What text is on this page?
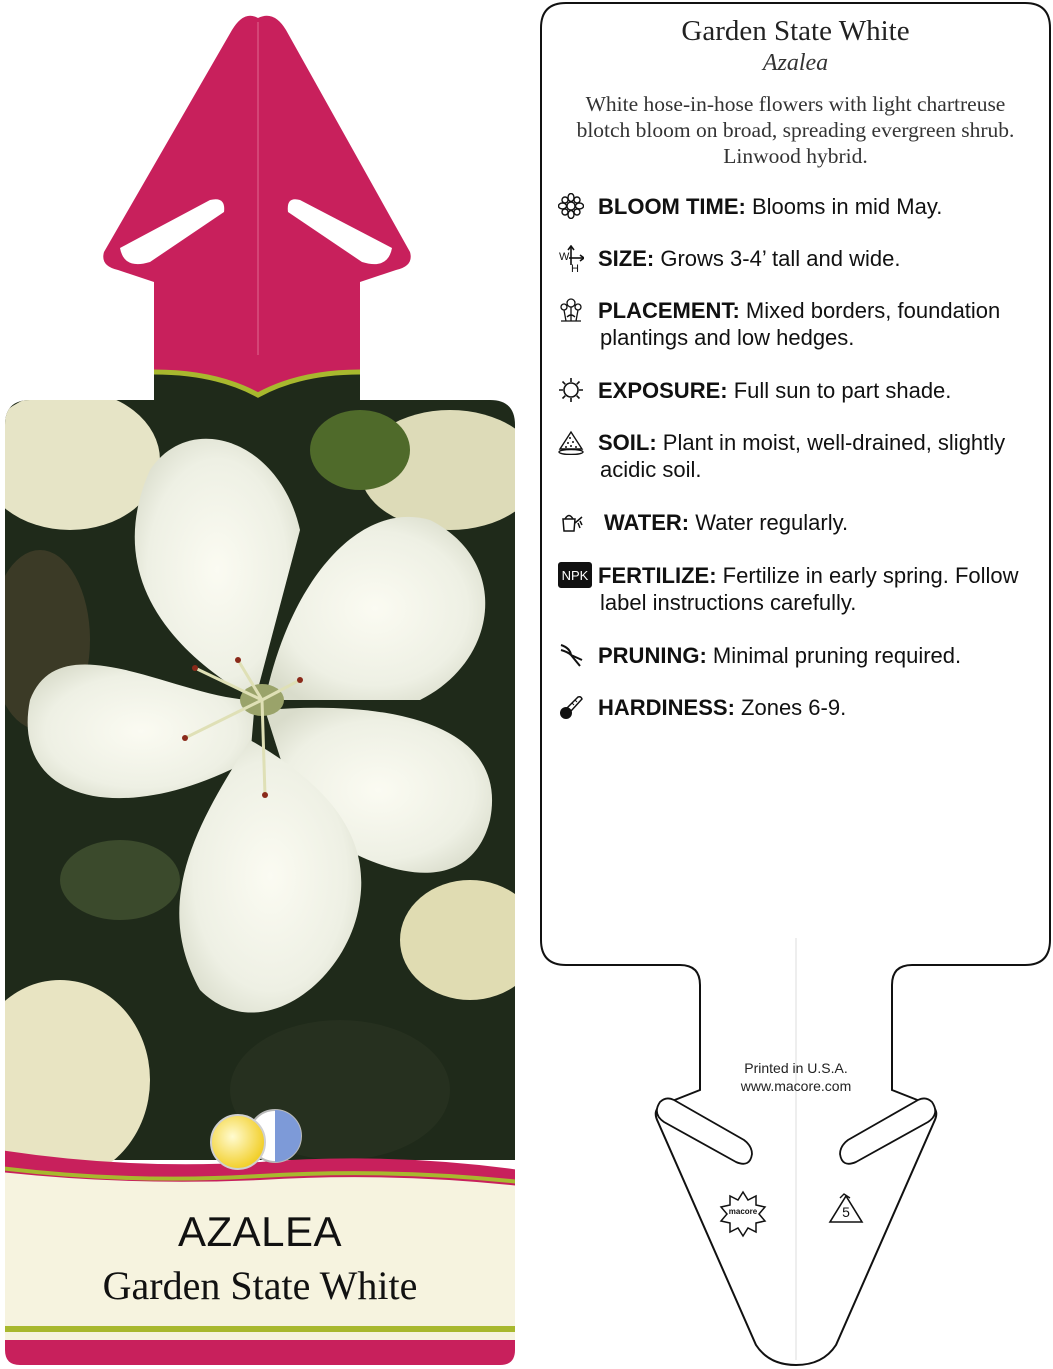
AZALEA
Garden State White
Garden State White
Azalea
White hose-in-hose flowers with light chartreuse blotch bloom on broad, spreading evergreen shrub. Linwood hybrid.
BLOOM TIME: Blooms in mid May.
W
H SIZE: Grows 3-4’ tall and wide.
PLACEMENT: Mixed borders, foundation
plantings and low hedges.
EXPOSURE: Full sun to part shade.
SOIL: Plant in moist, well-drained, slightly
acidic soil.
WATER: Water regularly.
NPK FERTILIZE: Fertilize in early spring. Follow
label instructions carefully.
PRUNING: Minimal pruning required.
HARDINESS: Zones 6-9.
Printed in U.S.A.
www.macore.com
macore	5
